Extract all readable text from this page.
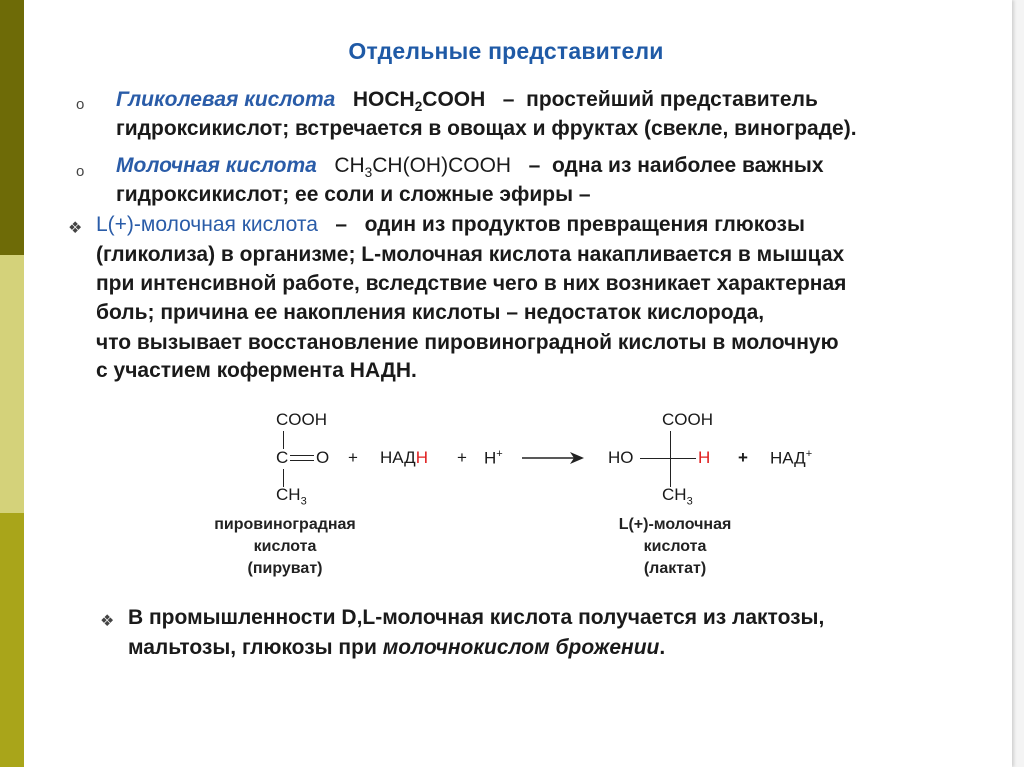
Отдельные представители
o Гликолевая кислота $HOCH_2COOH$ – простейший представитель
гидроксикислот; встречается в овощах и фруктах (свекле, винограде).
o Молочная кислота $CH_3CH(OH)COOH$ – одна из наиболее важных
гидроксикислот; ее соли и сложные эфиры –
❖ L(+)-молочная кислота – один из продуктов превращения глюкозы
(гликолиза) в организме; L-молочная кислота накапливается в мышцах
при интенсивной работе, вследствие чего в них возникает характерная
боль; причина ее накопления кислоты – недостаток кислорода,
что вызывает восстановление пировиноградной кислоты в молочную
с участием кофермента НАДН.
COOH
C O
$CH_3$
+ НАДН + H+ →
COOH
HO	H
$CH_3$
+ НАД+
пировиноградная
кислота
(пируват)
L(+)-молочная
кислота
(лактат)
❖ В промышленности D,L-молочная кислота получается из лактозы,
мальтозы, глюкозы при молочнокислом брожении.
